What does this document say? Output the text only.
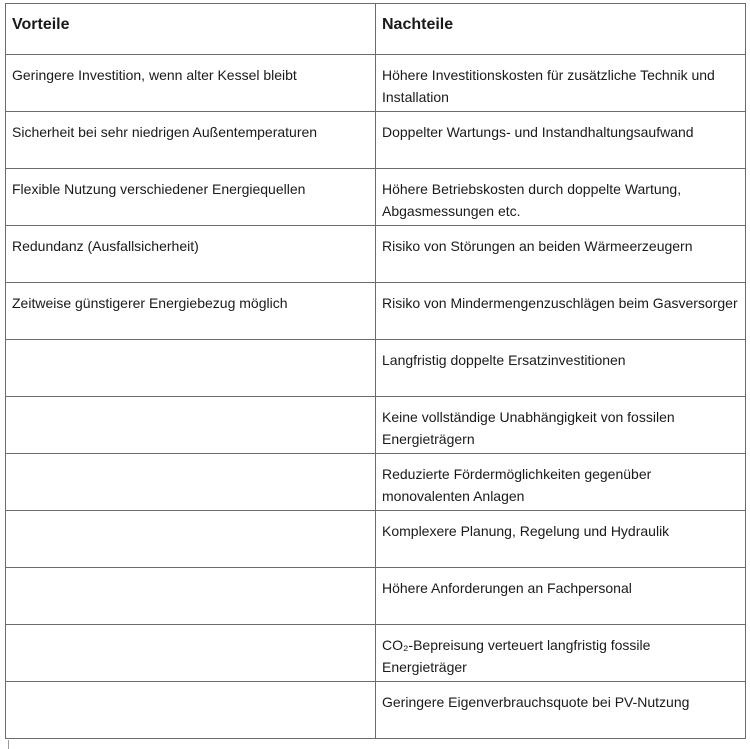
Vorteile	Nachteile
Geringere Investition, wenn alter Kessel bleibt	Höhere Investitionskosten für zusätzliche Technik und Installation
Sicherheit bei sehr niedrigen Außentemperaturen	Doppelter Wartungs- und Instandhaltungsaufwand
Flexible Nutzung verschiedener Energiequellen	Höhere Betriebskosten durch doppelte Wartung, Abgasmessungen etc.
Redundanz (Ausfallsicherheit)	Risiko von Störungen an beiden Wärmeerzeugern
Zeitweise günstigerer Energiebezug möglich	Risiko von Mindermengenzuschlägen beim Gasversorger
	Langfristig doppelte Ersatzinvestitionen
	Keine vollständige Unabhängigkeit von fossilen Energieträgern
	Reduzierte Fördermöglichkeiten gegenüber monovalenten Anlagen
	Komplexere Planung, Regelung und Hydraulik
	Höhere Anforderungen an Fachpersonal
	CO₂-Bepreisung verteuert langfristig fossile Energieträger
	Geringere Eigenverbrauchsquote bei PV-Nutzung
